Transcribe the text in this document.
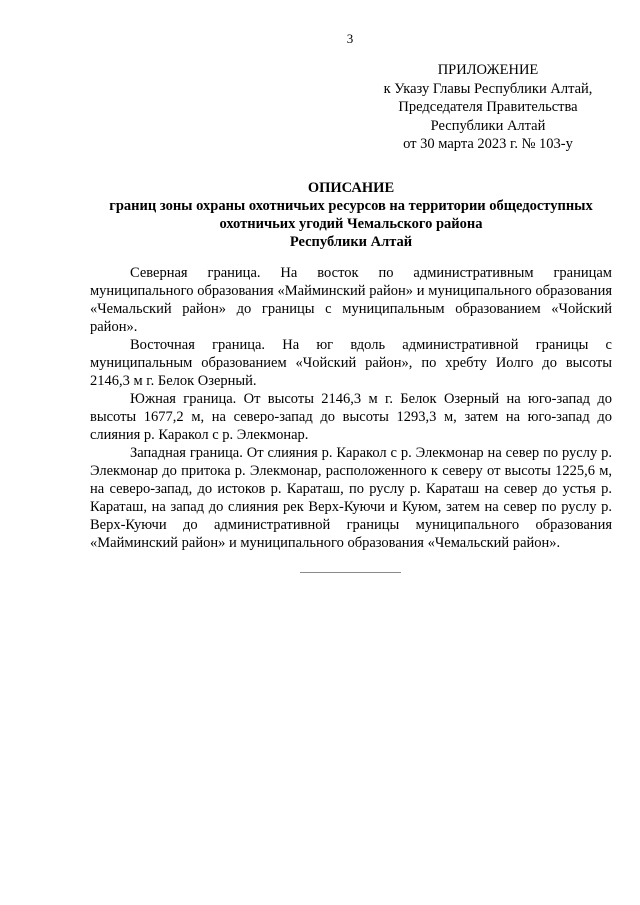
3
ПРИЛОЖЕНИЕ
к Указу Главы Республики Алтай,
Председателя Правительства
Республики Алтай
от 30 марта 2023 г. № 103-у
ОПИСАНИЕ
границ зоны охраны охотничьих ресурсов на территории общедоступных
охотничьих угодий Чемальского района
Республики Алтай

Северная граница. На восток по административным границам муниципального образования «Майминский район» и муниципального образования «Чемальский район» до границы с муниципальным образованием «Чойский район».

Восточная граница. На юг вдоль административной границы с муниципальным образованием «Чойский район», по хребту Иолго до высоты 2146,3 м г. Белок Озерный.

Южная граница. От высоты 2146,3 м г. Белок Озерный на юго-запад до высоты 1677,2 м, на северо-запад до высоты 1293,3 м, затем на юго-запад до слияния р. Каракол с р. Элекмонар.

Западная граница. От слияния р. Каракол с р. Элекмонар на север по руслу р. Элекмонар до притока р. Элекмонар, расположенного к северу от высоты 1225,6 м, на северо-запад, до истоков р. Караташ, по руслу р. Караташ на север до устья р. Караташ, на запад до слияния рек Верх-Куючи и Куюм, затем на север по руслу р. Верх-Куючи до административной границы муниципального образования «Майминский район» и муниципального образования «Чемальский район».
